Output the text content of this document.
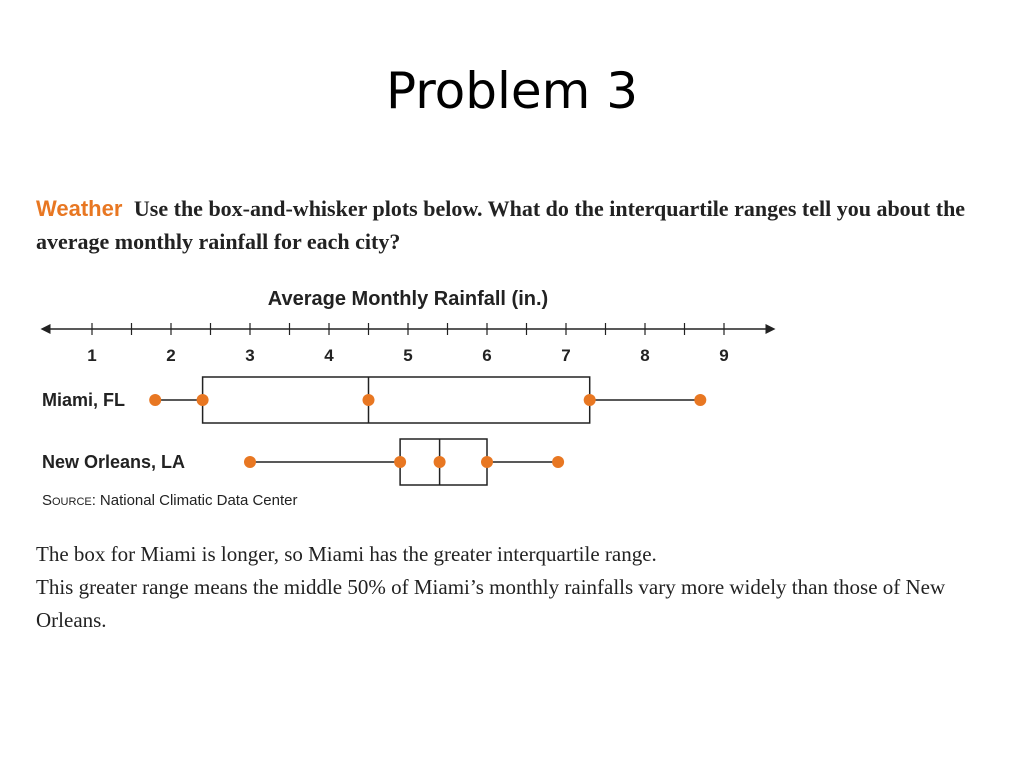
Problem 3
Weather Use the box-and-whisker plots below. What do the interquartile ranges tell you about the average monthly rainfall for each city?
Average Monthly Rainfall (in.)
1	2	3	4	5	6	7	8	9
Miami, FL
New Orleans, LA
Source: National Climatic Data Center

The box for Miami is longer, so Miami has the greater interquartile range.

This greater range means the middle 50% of Miami’s monthly rainfalls vary more widely than those of New Orleans.
